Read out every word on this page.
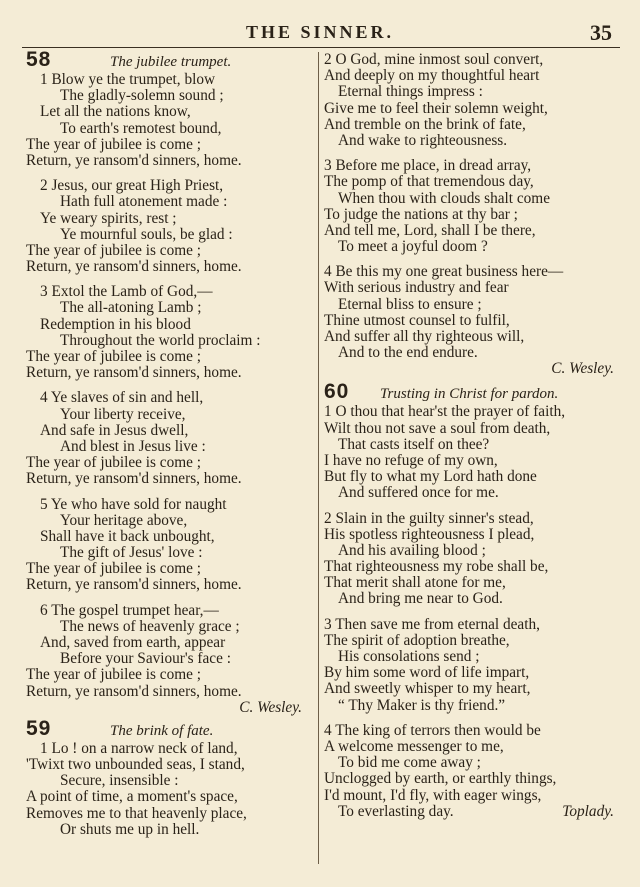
THE SINNER.	35
58	The jubilee trumpet.
1 Blow ye the trumpet, blow
The gladly-solemn sound ;
Let all the nations know,
To earth's remotest bound,
The year of jubilee is come ;
Return, ye ransom'd sinners, home.
2 Jesus, our great High Priest,
Hath full atonement made :
Ye weary spirits, rest ;
Ye mournful souls, be glad :
The year of jubilee is come ;
Return, ye ransom'd sinners, home.
3 Extol the Lamb of God,—
The all-atoning Lamb ;
Redemption in his blood
Throughout the world proclaim :
The year of jubilee is come ;
Return, ye ransom'd sinners, home.
4 Ye slaves of sin and hell,
Your liberty receive,
And safe in Jesus dwell,
And blest in Jesus live :
The year of jubilee is come ;
Return, ye ransom'd sinners, home.
5 Ye who have sold for naught
Your heritage above,
Shall have it back unbought,
The gift of Jesus' love :
The year of jubilee is come ;
Return, ye ransom'd sinners, home.
6 The gospel trumpet hear,—
The news of heavenly grace ;
And, saved from earth, appear
Before your Saviour's face :
The year of jubilee is come ;
Return, ye ransom'd sinners, home.
C. Wesley.
59	The brink of fate.
1 Lo ! on a narrow neck of land,
'Twixt two unbounded seas, I stand,
Secure, insensible :
A point of time, a moment's space,
Removes me to that heavenly place,
Or shuts me up in hell.
2 O God, mine inmost soul convert,
And deeply on my thoughtful heart
Eternal things impress :
Give me to feel their solemn weight,
And tremble on the brink of fate,
And wake to righteousness.
3 Before me place, in dread array,
The pomp of that tremendous day,
When thou with clouds shalt come
To judge the nations at thy bar ;
And tell me, Lord, shall I be there,
To meet a joyful doom ?
4 Be this my one great business here—
With serious industry and fear
Eternal bliss to ensure ;
Thine utmost counsel to fulfil,
And suffer all thy righteous will,
And to the end endure.
C. Wesley.
60 Trusting in Christ for pardon.
1 O thou that hear'st the prayer of faith,
Wilt thou not save a soul from death,
That casts itself on thee?
I have no refuge of my own,
But fly to what my Lord hath done
And suffered once for me.
2 Slain in the guilty sinner's stead,
His spotless righteousness I plead,
And his availing blood ;
That righteousness my robe shall be,
That merit shall atone for me,
And bring me near to God.
3 Then save me from eternal death,
The spirit of adoption breathe,
His consolations send ;
By him some word of life impart,
And sweetly whisper to my heart,
“ Thy Maker is thy friend.”
4 The king of terrors then would be
A welcome messenger to me,
To bid me come away ;
Unclogged by earth, or earthly things,
I'd mount, I'd fly, with eager wings,
To everlasting day.	Toplady.
